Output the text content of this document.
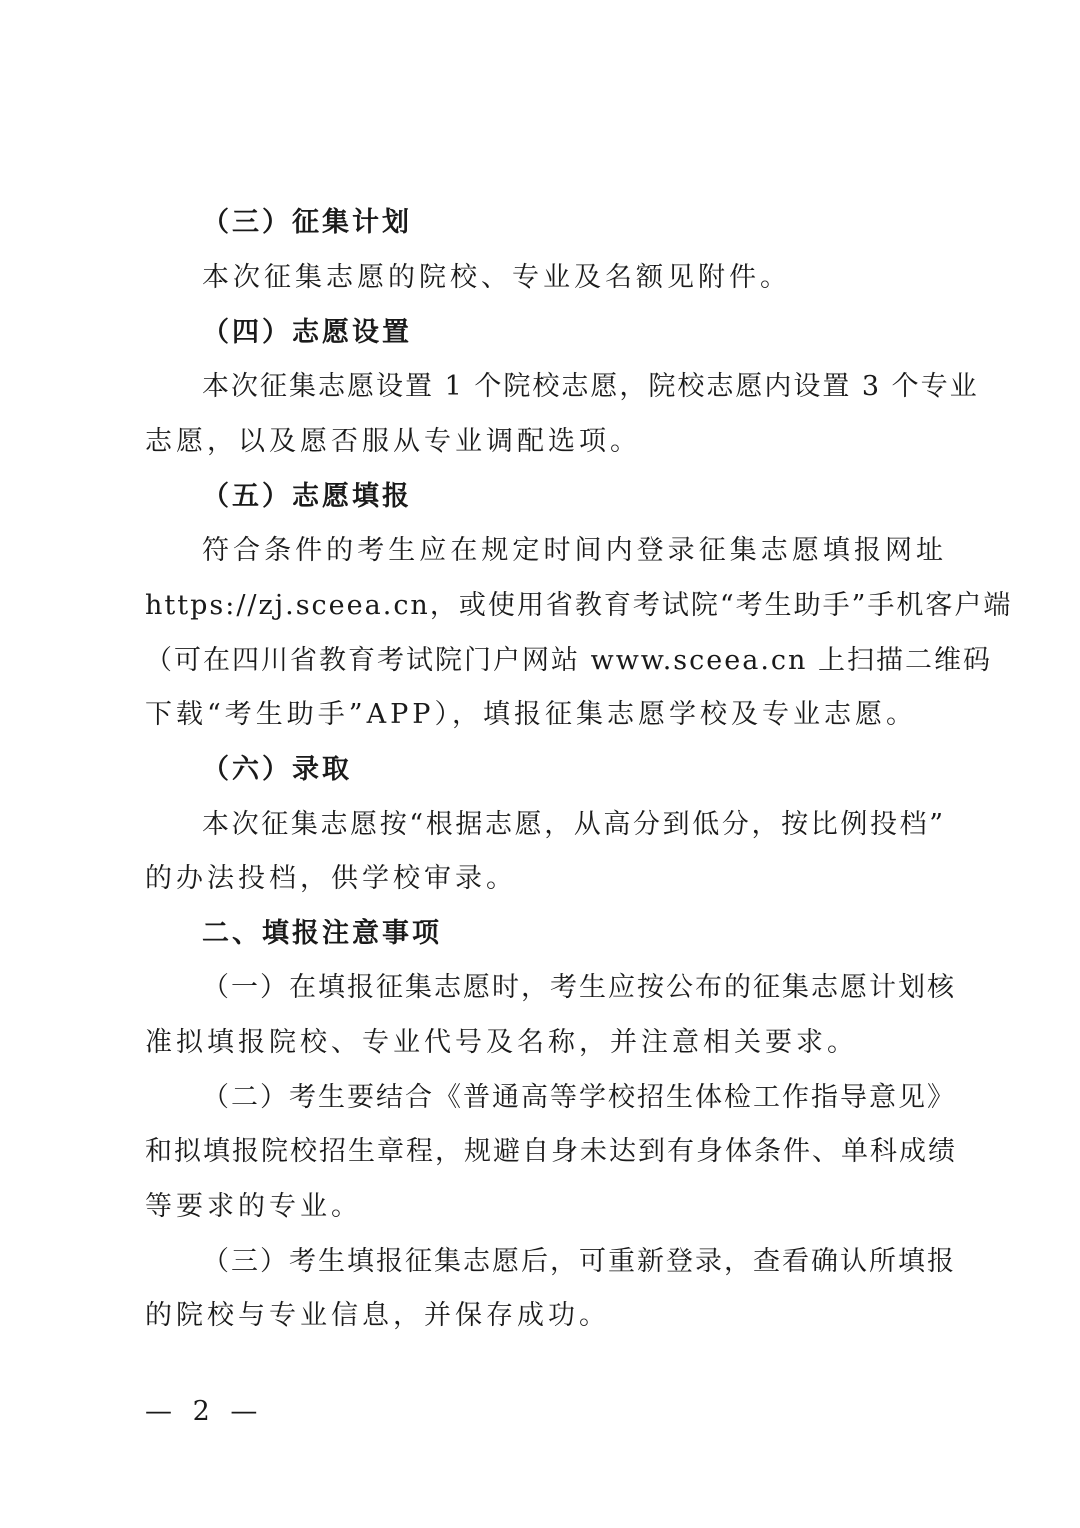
（三）征集计划
本次征集志愿的院校、专业及名额见附件。
（四）志愿设置
本次征集志愿设置 1 个院校志愿，院校志愿内设置 3 个专业
志愿，以及愿否服从专业调配选项。
（五）志愿填报
符合条件的考生应在规定时间内登录征集志愿填报网址
https://zj.sceea.cn，或使用省教育考试院“考生助手”手机客户端
（可在四川省教育考试院门户网站 www.sceea.cn 上扫描二维码
下载“考生助手”APP），填报征集志愿学校及专业志愿。
（六）录取
本次征集志愿按“根据志愿，从高分到低分，按比例投档”
的办法投档，供学校审录。
二、填报注意事项
（一）在填报征集志愿时，考生应按公布的征集志愿计划核
准拟填报院校、专业代号及名称，并注意相关要求。
（二）考生要结合《普通高等学校招生体检工作指导意见》
和拟填报院校招生章程，规避自身未达到有身体条件、单科成绩
等要求的专业。
（三）考生填报征集志愿后，可重新登录，查看确认所填报
的院校与专业信息，并保存成功。
— 2 —
